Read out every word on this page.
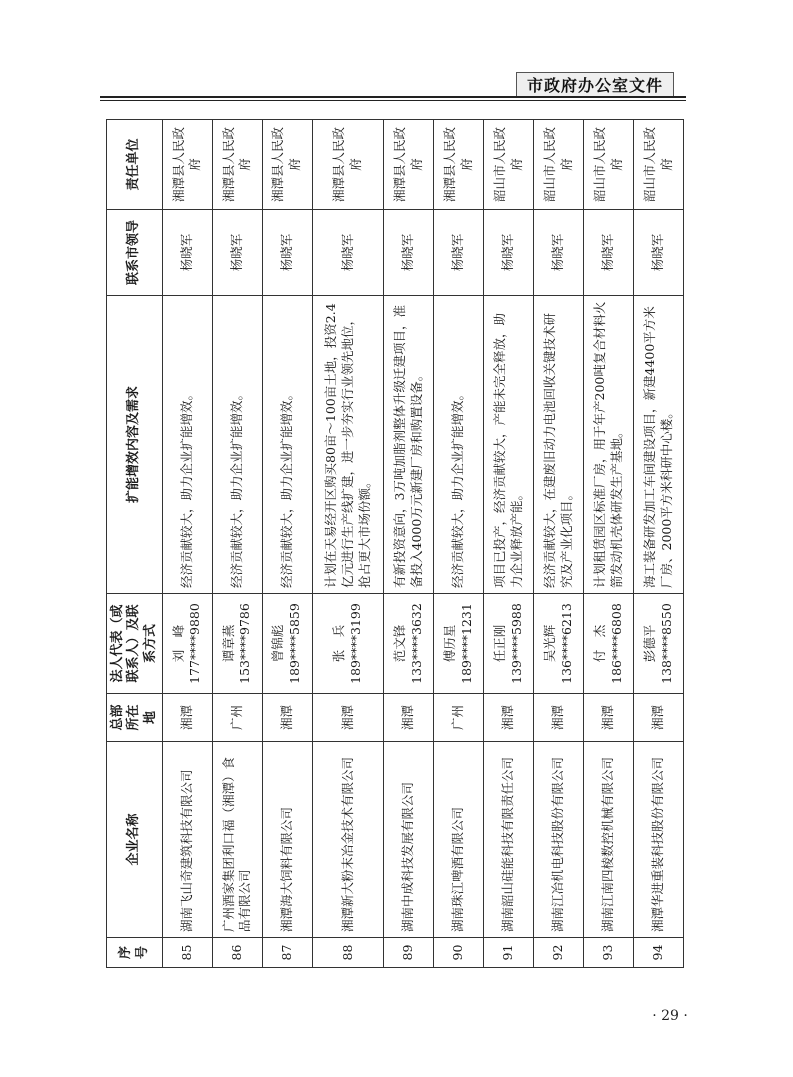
市政府办公室文件
序号	企业名称	总部所在地	法人代表（或联系人）及联系方式	扩能增效内容及需求	联系市领导	责任单位
85	湖南飞山奇建筑科技有限公司	湘潭	刘　峰 177****9880	经济贡献较大，助力企业扩能增效。	杨晓军	湘潭县人民政府
86	广州酒家集团利口福（湘潭）食品有限公司	广州	谭章燕 153****9786	经济贡献较大，助力企业扩能增效。	杨晓军	湘潭县人民政府
87	湘潭海大饲料有限公司	湘潭	曾锦彪 189****5859	经济贡献较大，助力企业扩能增效。	杨晓军	湘潭县人民政府
88	湘潭新大粉末冶金技术有限公司	湘潭	张　兵 189****3199	计划在天易经开区购买80亩～100亩土地，投资2.4亿元进行生产线扩建，进一步夯实行业领先地位，抢占更大市场份额。	杨晓军	湘潭县人民政府
89	湖南中成科技发展有限公司	湘潭	范文锋 133****3632	有新投资意向，3万吨加脂剂整体升级迁建项目，准备投入4000万元新建厂房和购置设备。	杨晓军	湘潭县人民政府
90	湖南珠江啤酒有限公司	广州	傅历星 189****1231	经济贡献较大，助力企业扩能增效。	杨晓军	湘潭县人民政府
91	湖南韶山硅能科技有限责任公司	湘潭	任正刚 139****5988	项目已投产，经济贡献较大，产能未完全释放，助力企业释放产能。	杨晓军	韶山市人民政府
92	湖南江冶机电科技股份有限公司	湘潭	吴光辉 136****6213	经济贡献较大，在建废旧动力电池回收关键技术研究及产业化项目。	杨晓军	韶山市人民政府
93	湖南江南四棱数控机械有限公司	湘潭	付　杰 186****6808	计划租赁园区标准厂房，用于年产200吨复合材料火箭发动机壳体研发生产基地。	杨晓军	韶山市人民政府
94	湘潭华进重装科技股份有限公司	湘潭	彭德平 138****8550	海工装备研发加工车间建设项目，新建4400平方米厂房、2000平方米科研中心楼。	杨晓军	韶山市人民政府
· 29 ·
